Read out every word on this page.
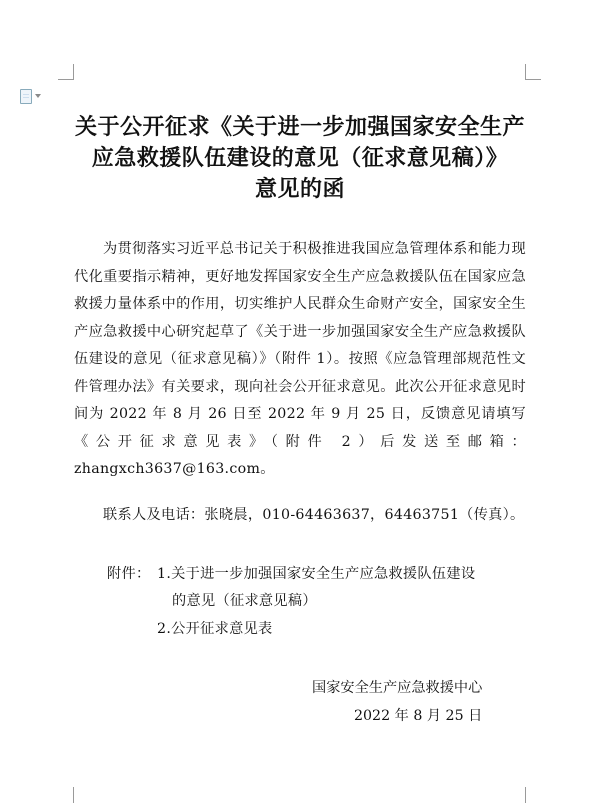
关于公开征求《关于进一步加强国家安全生产
应急救援队伍建设的意见（征求意见稿）》
意见的函
为贯彻落实习近平总书记关于积极推进我国应急管理体系和能力现代化重要指示精神，更好地发挥国家安全生产应急救援队伍在国家应急救援力量体系中的作用，切实维护人民群众生命财产安全，国家安全生产应急救援中心研究起草了《关于进一步加强国家安全生产应急救援队伍建设的意见（征求意见稿）》（附件 1）。按照《应急管理部规范性文件管理办法》有关要求，现向社会公开征求意见。此次公开征求意见时间为 2022 年 8 月 26 日至 2022 年 9 月 25 日，反馈意见请填写《公开征求意见表》（附件 2）后发送至邮箱：zhangxch3637@163.com。
联系人及电话：张晓晨，010-64463637，64463751（传真）。
附件： 1.关于进一步加强国家安全生产应急救援队伍建设
的意见（征求意见稿）
2.公开征求意见表
国家安全生产应急救援中心
2022 年 8 月 25 日
